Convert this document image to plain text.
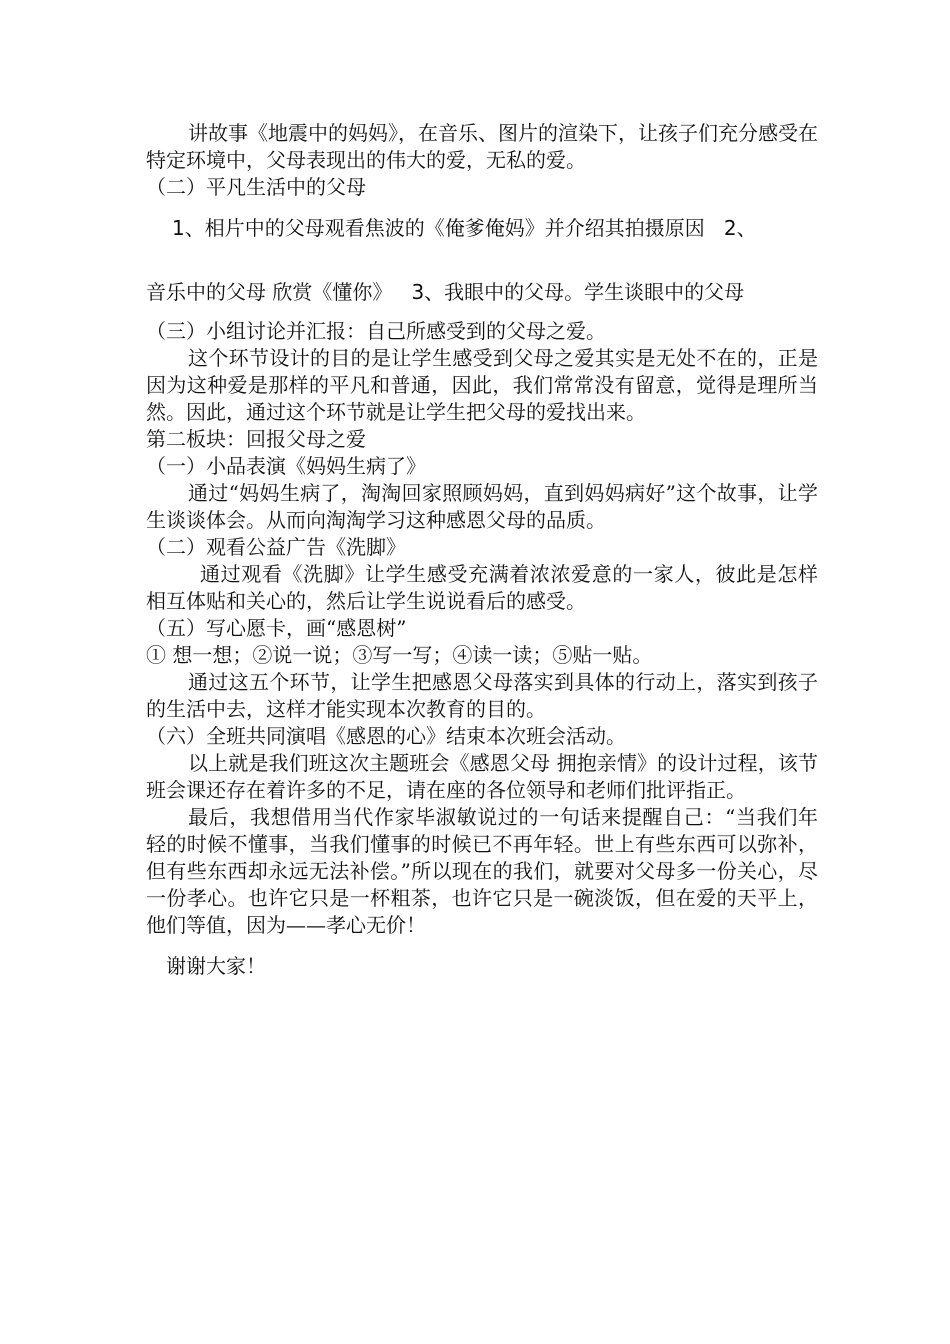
讲故事《地震中的妈妈》，在音乐、图片的渲染下，让孩子们充分感受在特定环境中，父母表现出的伟大的爱，无私的爱。

（二）平凡生活中的父母

1、相片中的父母观看焦波的《俺爹俺妈》并介绍其拍摄原因 2、
音乐中的父母 欣赏《懂你》 3、我眼中的父母。学生谈眼中的父母

（三）小组讨论并汇报：自己所感受到的父母之爱。

这个环节设计的目的是让学生感受到父母之爱其实是无处不在的，正是因为这种爱是那样的平凡和普通，因此，我们常常没有留意，觉得是理所当然。因此，通过这个环节就是让学生把父母的爱找出来。

第二板块：回报父母之爱

（一）小品表演《妈妈生病了》

通过“妈妈生病了，淘淘回家照顾妈妈，直到妈妈病好”这个故事，让学生谈谈体会。从而向淘淘学习这种感恩父母的品质。

（二）观看公益广告《洗脚》

通过观看《洗脚》让学生感受充满着浓浓爱意的一家人，彼此是怎样相互体贴和关心的，然后让学生说说看后的感受。

（五）写心愿卡，画“感恩树”

① 想一想；②说一说；③写一写；④读一读；⑤贴一贴。

通过这五个环节，让学生把感恩父母落实到具体的行动上，落实到孩子的生活中去，这样才能实现本次教育的目的。

（六）全班共同演唱《感恩的心》结束本次班会活动。

以上就是我们班这次主题班会《感恩父母 拥抱亲情》的设计过程，该节班会课还存在着许多的不足，请在座的各位领导和老师们批评指正。

最后，我想借用当代作家毕淑敏说过的一句话来提醒自己：“当我们年轻的时候不懂事，当我们懂事的时候已不再年轻。世上有些东西可以弥补，但有些东西却永远无法补偿。”所以现在的我们，就要对父母多一份关心，尽一份孝心。也许它只是一杯粗茶，也许它只是一碗淡饭，但在爱的天平上，他们等值，因为——孝心无价！

谢谢大家！
